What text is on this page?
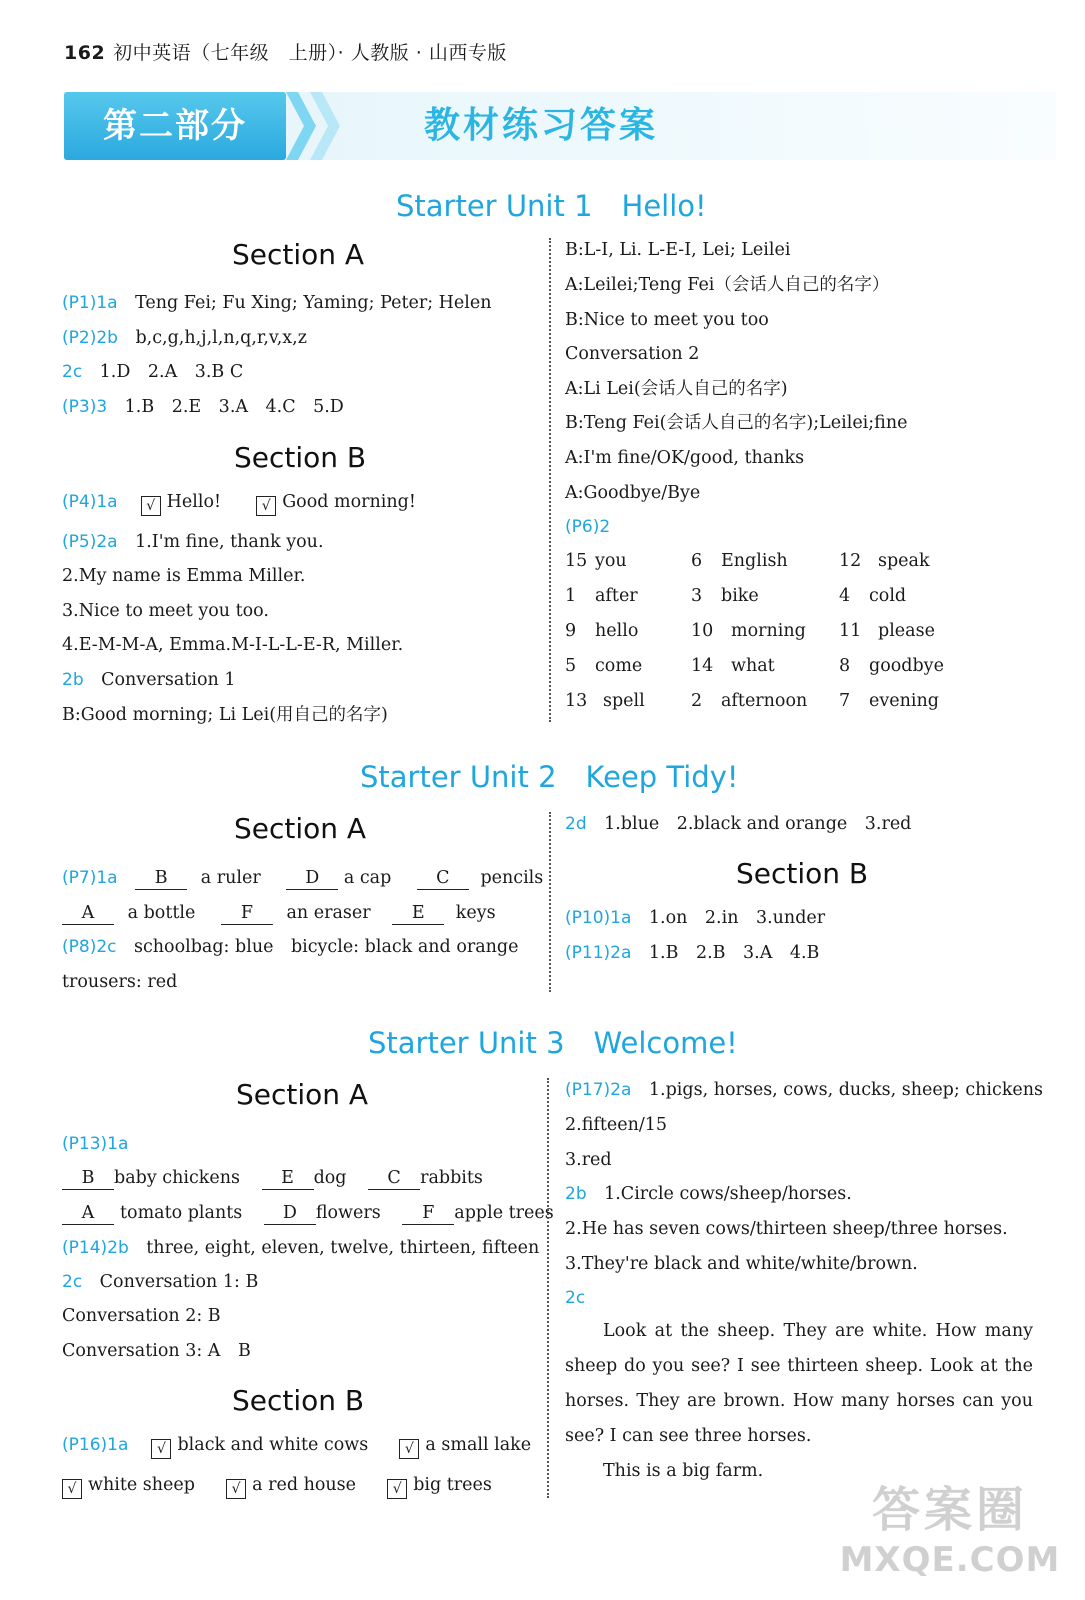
162 初中英语（七年级　上册）· 人教版 · 山西专版
第二部分	教材练习答案
Starter Unit 1　Hello!
Section A
(P1)1a　 Teng Fei; Fu Xing; Yaming; Peter; Helen
(P2)2b　 b,c,g,h,j,l,n,q,r,v,x,z
2c　 1.D　2.A　3.B C
(P3)3　 1.B　2.E　3.A　4.C　5.D
Section B
(P4)1a　 √ Hello!	√ Good morning!
(P5)2a　 1.I'm fine, thank you.
2.My name is Emma Miller.
3.Nice to meet you too.
4.E-M-M-A, Emma.M-I-L-L-E-R, Miller.
2b　 Conversation 1
B:Good morning; Li Lei(用自己的名字)
B:L-I, Li. L-E-I, Lei; Leilei
A:Leilei;Teng Fei（会话人自己的名字）
B:Nice to meet you too
Conversation 2
A:Li Lei(会话人自己的名字)
B:Teng Fei(会话人自己的名字);Leilei;fine
A:I'm fine/OK/good, thanks
A:Goodbye/Bye
(P6)2
15 you	6 English	12 speak
1 after	3 bike	4 cold
9 hello	10 morning 11 please
5 come	14 what	8 goodbye
13 spell	2 afternoon 7 evening
Starter Unit 2　Keep Tidy!
Section A
(P7)1a B a ruler	D a cap	C pencils
A a bottle	F an eraser E keys
(P8)2c　 schoolbag: blue　bicycle: black and orange
trousers: red
2d　 1.blue　2.black and orange　3.red
Section B
(P10)1a　 1.on　2.in　3.under
(P11)2a　 1.B　2.B　3.A　4.B
Starter Unit 3　Welcome!
Section A
(P13)1a
B baby chickens E dog C rabbits
A tomato plants D flowers F apple trees
(P14)2b　 three, eight, eleven, twelve, thirteen, fifteen
2c　 Conversation 1: B
Conversation 2: B
Conversation 3: A　B
Section B
(P16)1a　 √ black and white cows	√ a small lake
√ white sheep	√ a red house	√ big trees
(P17)2a　 1.pigs, horses, cows, ducks, sheep; chickens
2.fifteen/15
3.red
2b　 1.Circle cows/sheep/horses.
2.He has seven cows/thirteen sheep/three horses.
3.They're black and white/white/brown.
2c
Look at the sheep. They are white. How many sheep do you see? I see thirteen sheep. Look at the horses. They are brown. How many horses can you see? I can see three horses.
This is a big farm.
答案圈
MXQE.COM
